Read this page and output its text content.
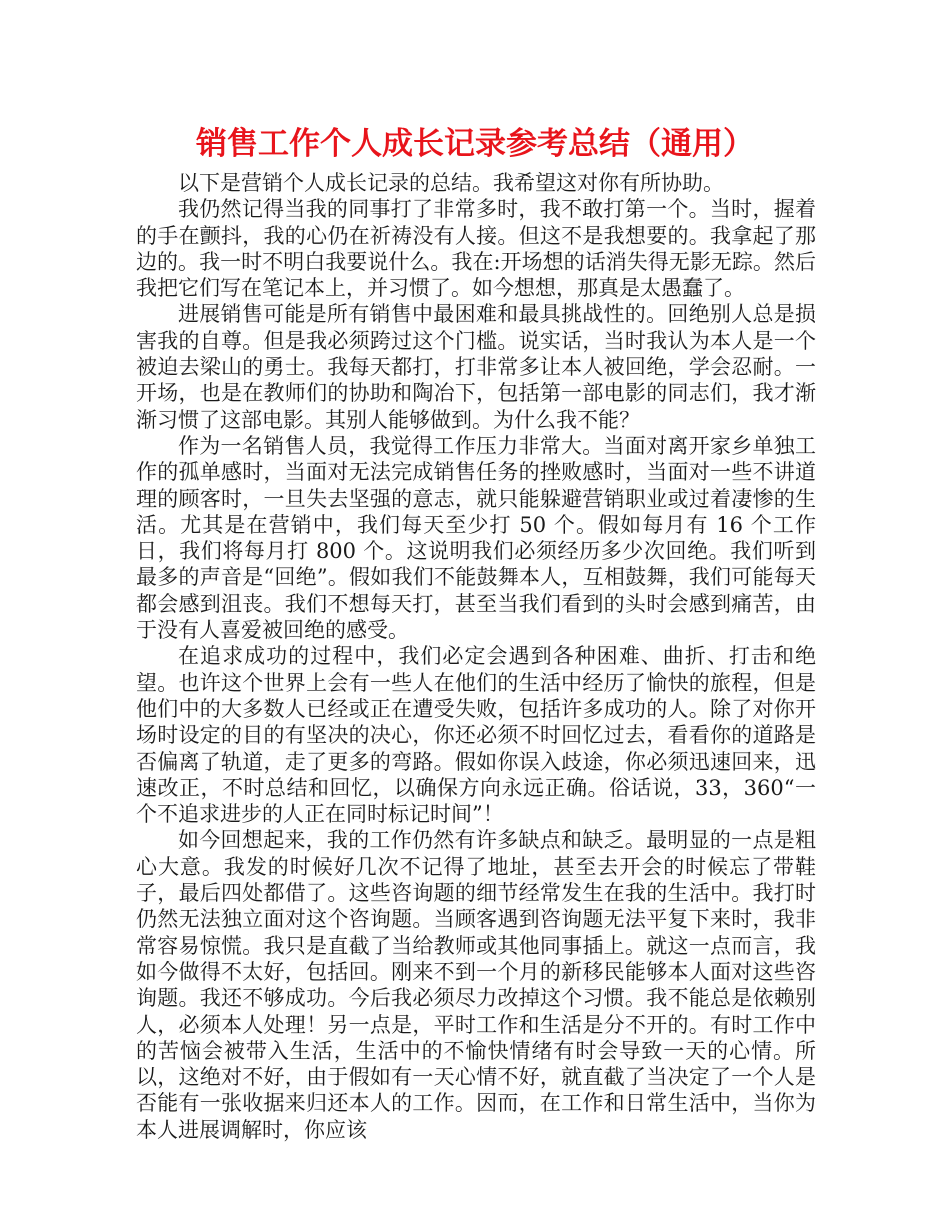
销售工作个人成长记录参考总结（通用）

以下是营销个人成长记录的总结。我希望这对你有所协助。

我仍然记得当我的同事打了非常多时，我不敢打第一个。当时，握着的手在颤抖，我的心仍在祈祷没有人接。但这不是我想要的。我拿起了那边的。我一时不明白我要说什么。我在:开场想的话消失得无影无踪。然后我把它们写在笔记本上，并习惯了。如今想想，那真是太愚蠢了。

进展销售可能是所有销售中最困难和最具挑战性的。回绝别人总是损害我的自尊。但是我必须跨过这个门槛。说实话，当时我认为本人是一个被迫去梁山的勇士。我每天都打，打非常多让本人被回绝，学会忍耐。一开场，也是在教师们的协助和陶冶下，包括第一部电影的同志们，我才渐渐习惯了这部电影。其别人能够做到。为什么我不能？

作为一名销售人员，我觉得工作压力非常大。当面对离开家乡单独工作的孤单感时，当面对无法完成销售任务的挫败感时，当面对一些不讲道理的顾客时，一旦失去坚强的意志，就只能躲避营销职业或过着凄惨的生活。尤其是在营销中，我们每天至少打 50 个。假如每月有 16 个工作日，我们将每月打 800 个。这说明我们必须经历多少次回绝。我们听到最多的声音是“回绝”。假如我们不能鼓舞本人，互相鼓舞，我们可能每天都会感到沮丧。我们不想每天打，甚至当我们看到的头时会感到痛苦，由于没有人喜爱被回绝的感受。

在追求成功的过程中，我们必定会遇到各种困难、曲折、打击和绝望。也许这个世界上会有一些人在他们的生活中经历了愉快的旅程，但是他们中的大多数人已经或正在遭受失败，包括许多成功的人。除了对你开场时设定的目的有坚决的决心，你还必须不时回忆过去，看看你的道路是否偏离了轨道，走了更多的弯路。假如你误入歧途，你必须迅速回来，迅速改正，不时总结和回忆，以确保方向永远正确。俗话说，33，360“一个不追求进步的人正在同时标记时间”！

如今回想起来，我的工作仍然有许多缺点和缺乏。最明显的一点是粗心大意。我发的时候好几次不记得了地址，甚至去开会的时候忘了带鞋子，最后四处都借了。这些咨询题的细节经常发生在我的生活中。我打时仍然无法独立面对这个咨询题。当顾客遇到咨询题无法平复下来时，我非常容易惊慌。我只是直截了当给教师或其他同事插上。就这一点而言，我如今做得不太好，包括回。刚来不到一个月的新移民能够本人面对这些咨询题。我还不够成功。今后我必须尽力改掉这个习惯。我不能总是依赖别人，必须本人处理！另一点是，平时工作和生活是分不开的。有时工作中的苦恼会被带入生活，生活中的不愉快情绪有时会导致一天的心情。所以，这绝对不好，由于假如有一天心情不好，就直截了当决定了一个人是否能有一张收据来归还本人的工作。因而，在工作和日常生活中，当你为本人进展调解时，你应该
